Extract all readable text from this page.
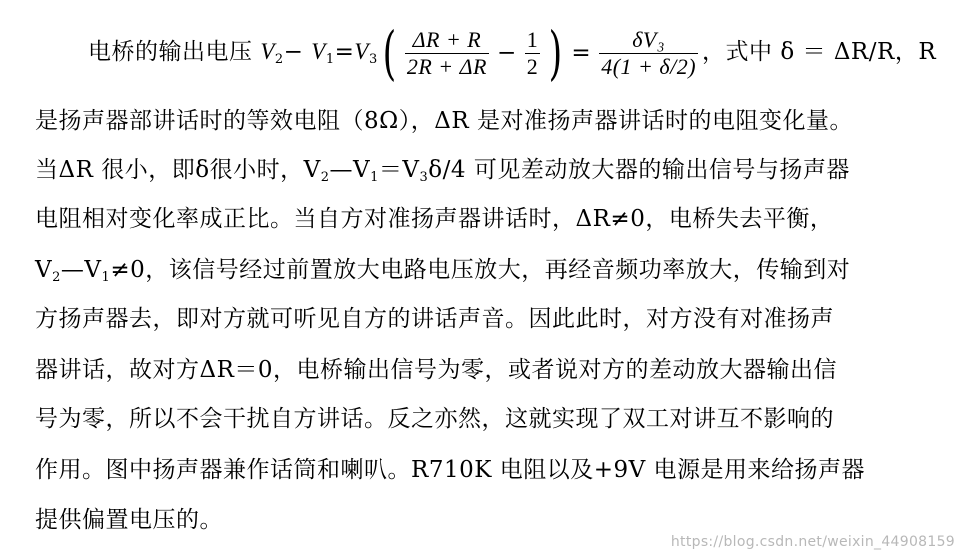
电桥的输出电压 $V_2- V_1=V_3( \frac{\Delta R + R}{2R + \Delta R} - \frac{1}{2}$ ) = $\frac{\text{δV₃}}{4(1 + \delta/2)}$ ，式中 δ ＝ ΔR/R，R
是扬声器部讲话时的等效电阻（8Ω），ΔR 是对准扬声器讲话时的电阻变化量。
当ΔR 很小，即δ很小时，$V_2—V_1=V_3\delta/4$ 可见差动放大器的输出信号与扬声器
电阻相对变化率成正比。当自方对准扬声器讲话时，ΔR≠0，电桥失去平衡，
$V_2—V_1\ne 0$，该信号经过前置放大电路电压放大，再经音频功率放大，传输到对
方扬声器去，即对方就可听见自方的讲话声音。因此此时，对方没有对准扬声
器讲话，故对方ΔR＝0，电桥输出信号为零，或者说对方的差动放大器输出信
号为零，所以不会干扰自方讲话。反之亦然，这就实现了双工对讲互不影响的
作用。图中扬声器兼作话筒和喇叭。R710K 电阻以及+9V 电源是用来给扬声器
提供偏置电压的。
https://blog.csdn.net/weixin_44908159
